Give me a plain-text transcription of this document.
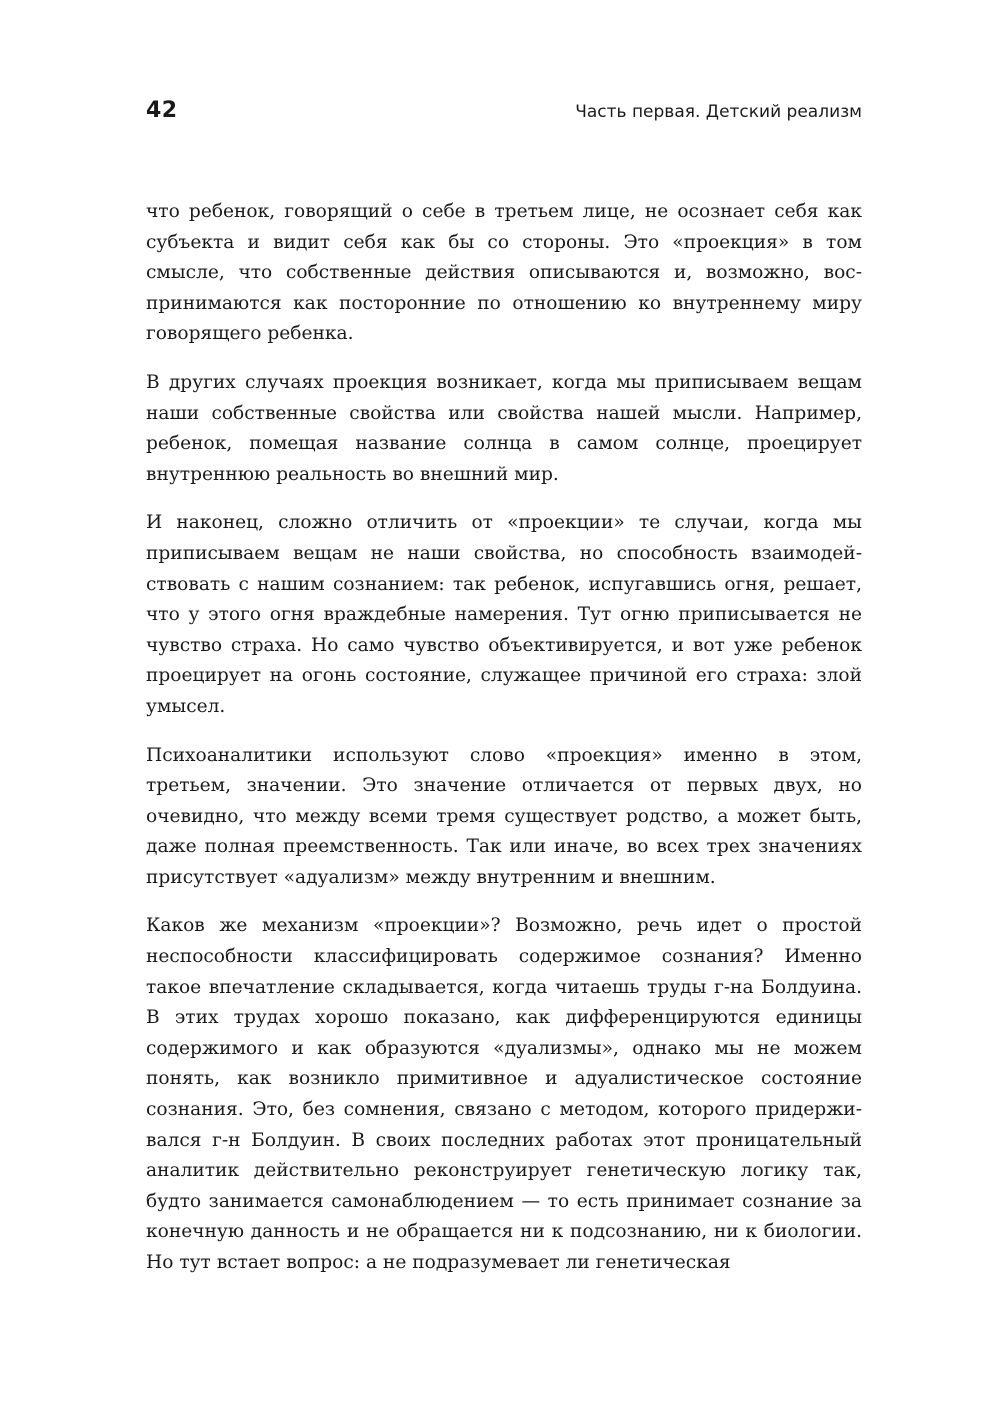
42	Часть первая. Детский реализм

что ребенок, говорящий о себе в третьем лице, не осознает себя как субъекта и видит себя как бы со стороны. Это «проекция» в том смысле, что собственные действия описываются и, возможно, воспринимаются как посторонние по отношению ко внутреннему миру говорящего ребенка.

В других случаях проекция возникает, когда мы приписываем вещам наши собственные свойства или свойства нашей мысли. Например, ребенок, помещая название солнца в самом солнце, проецирует внутреннюю реальность во внешний мир.

И наконец, сложно отличить от «проекции» те случаи, когда мы приписываем вещам не наши свойства, но способность взаимодействовать с нашим сознанием: так ребенок, испугавшись огня, решает, что у этого огня враждебные намерения. Тут огню приписывается не чувство страха. Но само чувство объективируется, и вот уже ребенок проецирует на огонь состояние, служащее причиной его страха: злой умысел.

Психоаналитики используют слово «проекция» именно в этом, третьем, значении. Это значение отличается от первых двух, но очевидно, что между всеми тремя существует родство, а может быть, даже полная преемственность. Так или иначе, во всех трех значениях присутствует «адуализм» между внутренним и внешним.

Каков же механизм «проекции»? Возможно, речь идет о простой неспособности классифицировать содержимое сознания? Именно такое впечатление складывается, когда читаешь труды г-на Болдуина. В этих трудах хорошо показано, как дифференцируются единицы содержимого и как образуются «дуализмы», однако мы не можем понять, как возникло примитивное и адуалистическое состояние сознания. Это, без сомнения, связано с методом, которого придерживался г-н Болдуин. В своих последних работах этот проницательный аналитик действительно реконструирует генетическую логику так, будто занимается самонаблюдением — то есть принимает сознание за конечную данность и не обращается ни к подсознанию, ни к биологии. Но тут встает вопрос: а не подразумевает ли генетическая
